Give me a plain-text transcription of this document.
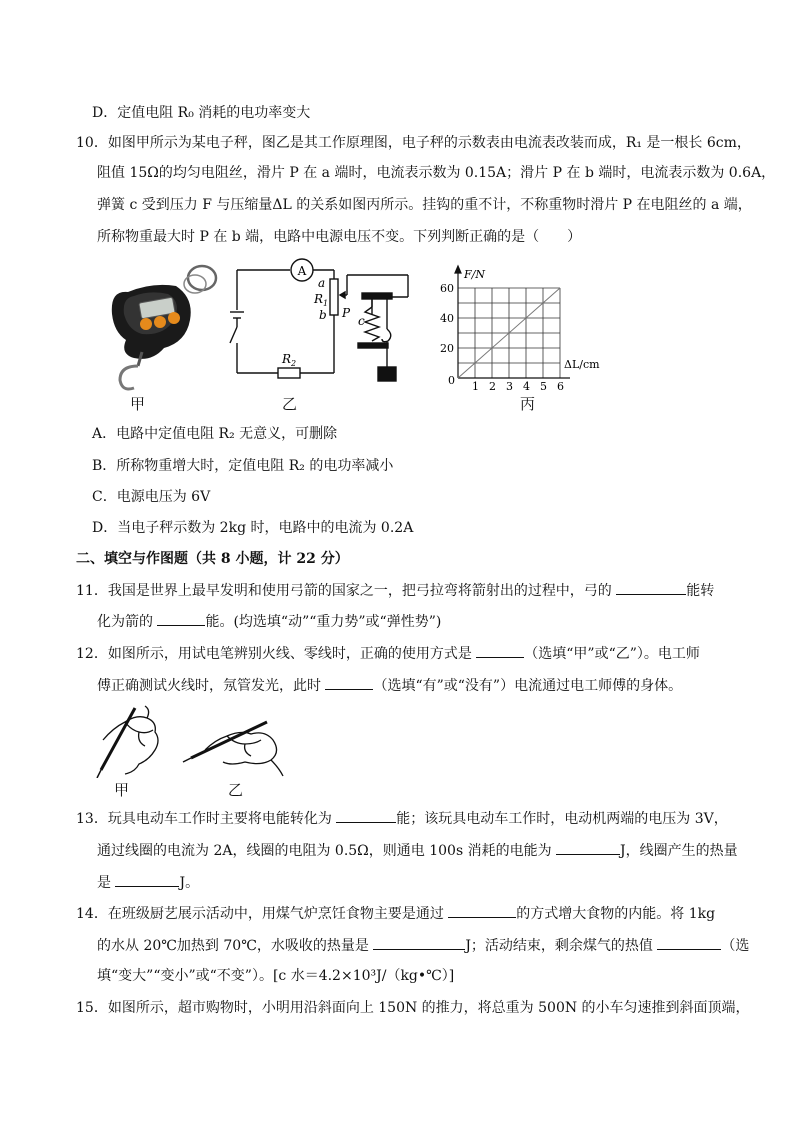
D．定值电阻 R₀ 消耗的电功率变大
10．如图甲所示为某电子秤，图乙是其工作原理图，电子秤的示数表由电流表改装而成，R₁ 是一根长 6cm，
阻值 15Ω的均匀电阻丝，滑片 P 在 a 端时，电流表示数为 0.15A；滑片 P 在 b 端时，电流表示数为 0.6A，
弹簧 c 受到压力 F 与压缩量ΔL 的关系如图丙所示。挂钩的重不计，不称重物时滑片 P 在电阻丝的 a 端，
所称物重最大时 P 在 b 端，电路中电源电压不变。下列判断正确的是（　　）
甲
A
a
$R_1$
b P
c
$R_2$
乙
F/N
ΔL/cm
0
20
40
60
1 2 3 4 5 6
丙
A．电路中定值电阻 R₂ 无意义，可删除
B．所称物重增大时，定值电阻 R₂ 的电功率减小
C．电源电压为 6V
D．当电子秤示数为 2kg 时，电路中的电流为 0.2A
二、填空与作图题（共 8 小题，计 22 分）
11．我国是世界上最早发明和使用弓箭的国家之一，把弓拉弯将箭射出的过程中，弓的	能转
化为箭的	能。(均选填“动”“重力势”或“弹性势”)
12．如图所示，用试电笔辨别火线、零线时，正确的使用方式是	（选填“甲”或“乙”）。电工师
傅正确测试火线时，氖管发光，此时	（选填“有”或“没有”）电流通过电工师傅的身体。
甲	乙
13．玩具电动车工作时主要将电能转化为	能；该玩具电动车工作时，电动机两端的电压为 3V，
通过线圈的电流为 2A，线圈的电阻为 0.5Ω，则通电 100s 消耗的电能为	J，线圈产生的热量
是	J。
14．在班级厨艺展示活动中，用煤气炉烹饪食物主要是通过	的方式增大食物的内能。将 1kg
的水从 20℃加热到 70℃，水吸收的热量是	J；活动结束，剩余煤气的热值	（选
填“变大”“变小”或“不变”）。[c 水＝4.2×10³J/（kg•℃）]
15．如图所示，超市购物时，小明用沿斜面向上 150N 的推力，将总重为 500N 的小车匀速推到斜面顶端，
